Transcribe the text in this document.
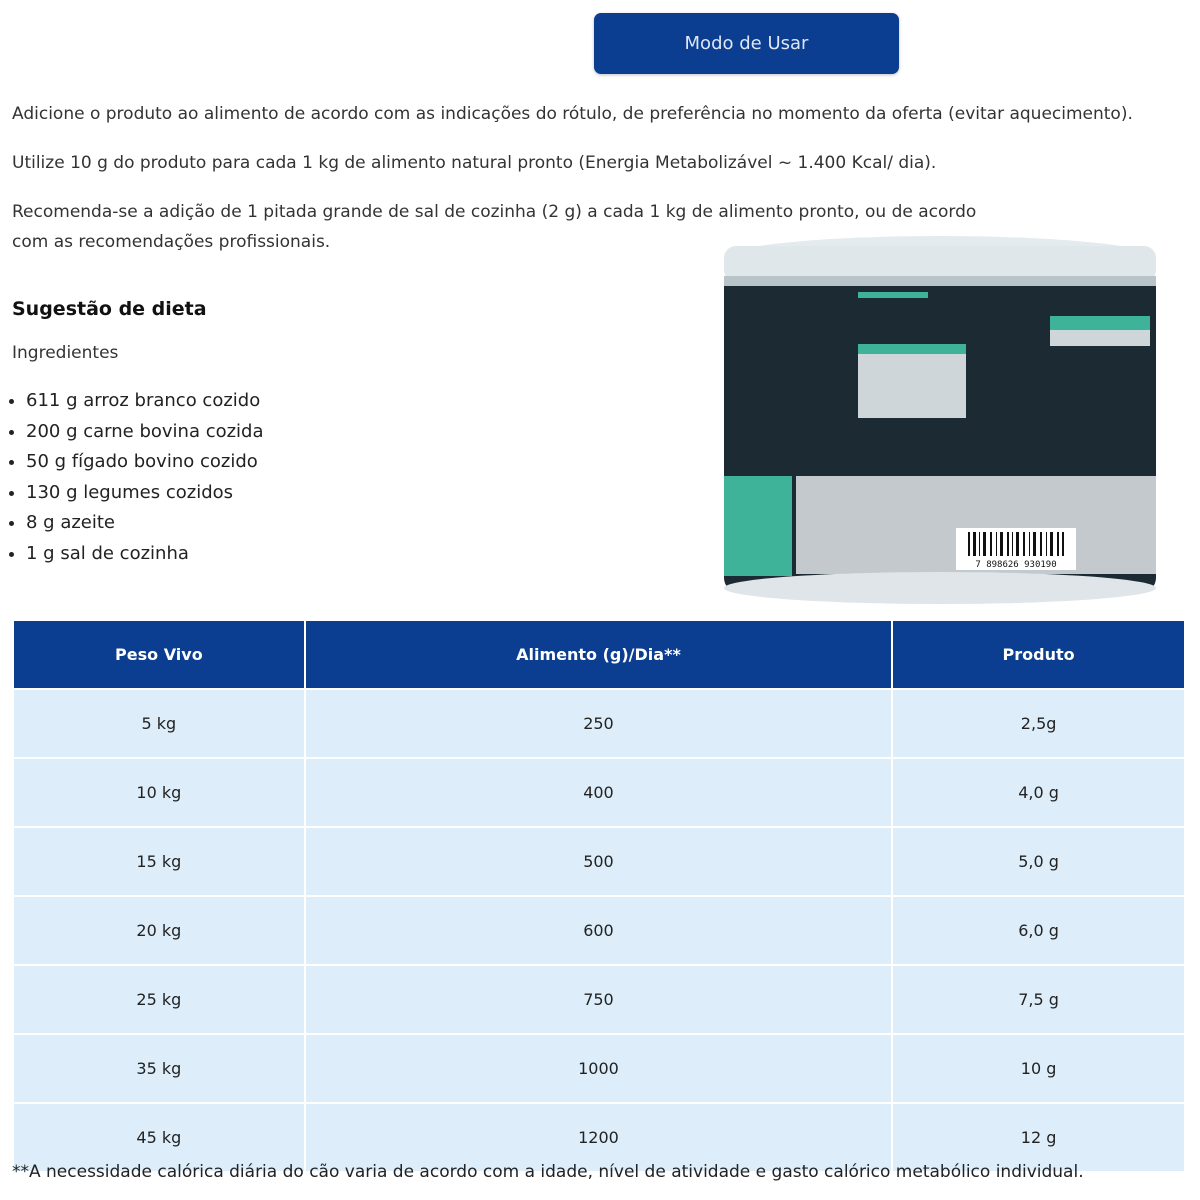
Modo de Usar
Adicione o produto ao alimento de acordo com as indicações do rótulo, de preferência no momento da oferta (evitar aquecimento).
Utilize 10 g do produto para cada 1 kg de alimento natural pronto (Energia Metabolizável ~ 1.400 Kcal/ dia).
Recomenda-se a adição de 1 pitada grande de sal de cozinha (2 g) a cada 1 kg de alimento pronto, ou de acordo com as recomendações profissionais.
Sugestão de dieta
Ingredientes
• 611 g arroz branco cozido
• 200 g carne bovina cozida
• 50 g fígado bovino cozido
• 130 g legumes cozidos
• 8 g azeite
• 1 g sal de cozinha
7 898626 930190
Peso Vivo	Alimento (g)/Dia**	Produto
5 kg	250	2,5g
10 kg	400	4,0 g
15 kg	500	5,0 g
20 kg	600	6,0 g
25 kg	750	7,5 g
35 kg	1000	10 g
45 kg	1200	12 g
**A necessidade calórica diária do cão varia de acordo com a idade, nível de atividade e gasto calórico metabólico individual.
